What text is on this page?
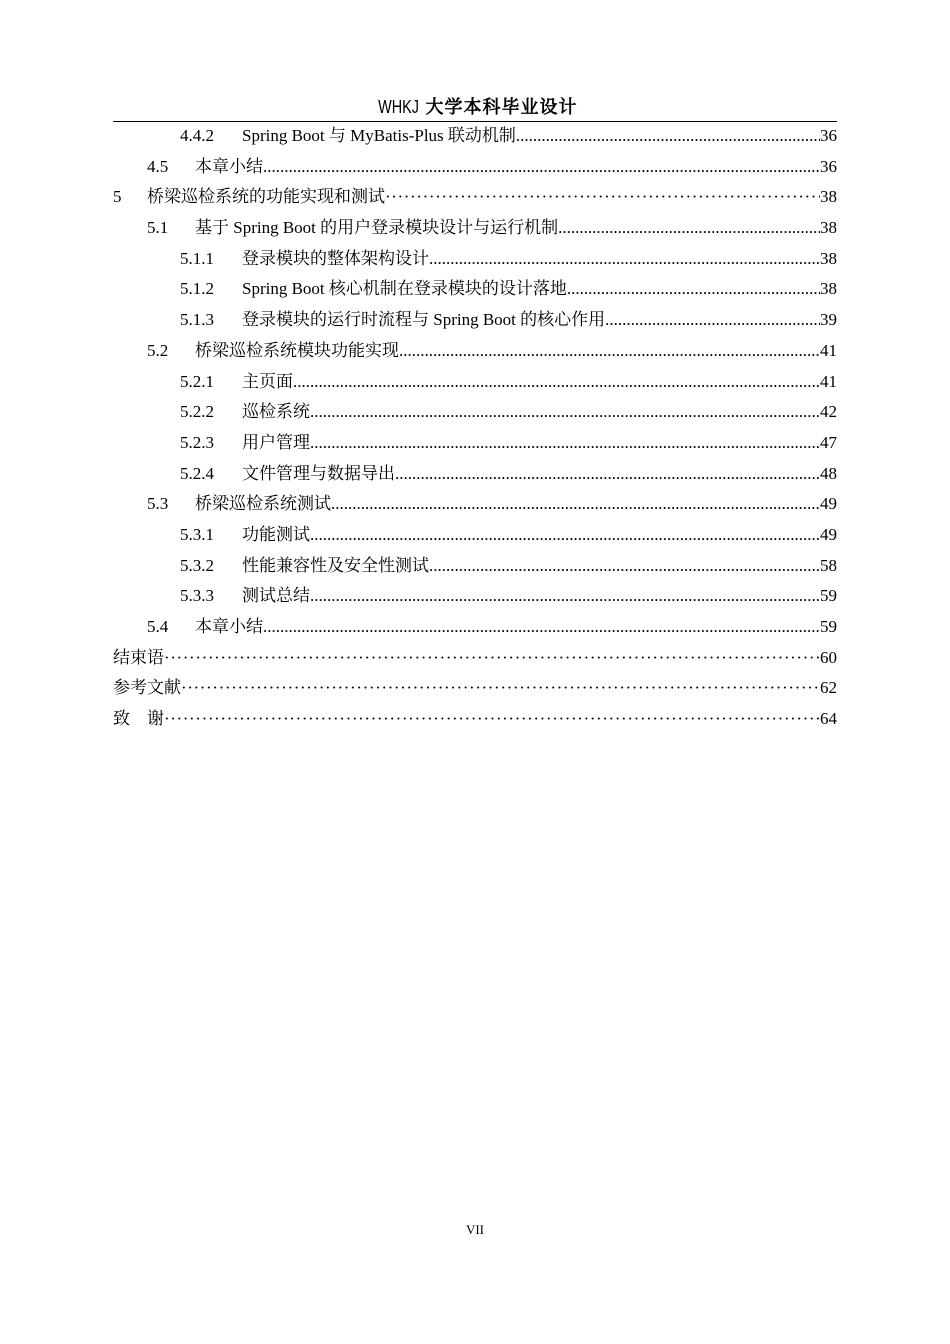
WHKJ 大学本科毕业设计
4.4.2	Spring Boot 与 MyBatis-Plus 联动机制 .....	36
4.5	本章小结 .....	36
5	桥梁巡检系统的功能实现和测试 ·····	38
5.1	基于 Spring Boot 的用户登录模块设计与运行机制 .....	38
5.1.1	登录模块的整体架构设计 .....	38
5.1.2	Spring Boot 核心机制在登录模块的设计落地 .....	38
5.1.3	登录模块的运行时流程与 Spring Boot 的核心作用 .....	39
5.2	桥梁巡检系统模块功能实现 .....	41
5.2.1	主页面 .....	41
5.2.2	巡检系统 .....	42
5.2.3	用户管理 .....	47
5.2.4	文件管理与数据导出 .....	48
5.3	桥梁巡检系统测试 .....	49
5.3.1	功能测试 .....	49
5.3.2	性能兼容性及安全性测试 .....	58
5.3.3	测试总结 .....	59
5.4	本章小结 .....	59
结束语 ·····	60
参考文献 ·····	62
致　谢 ·····	64
VII
